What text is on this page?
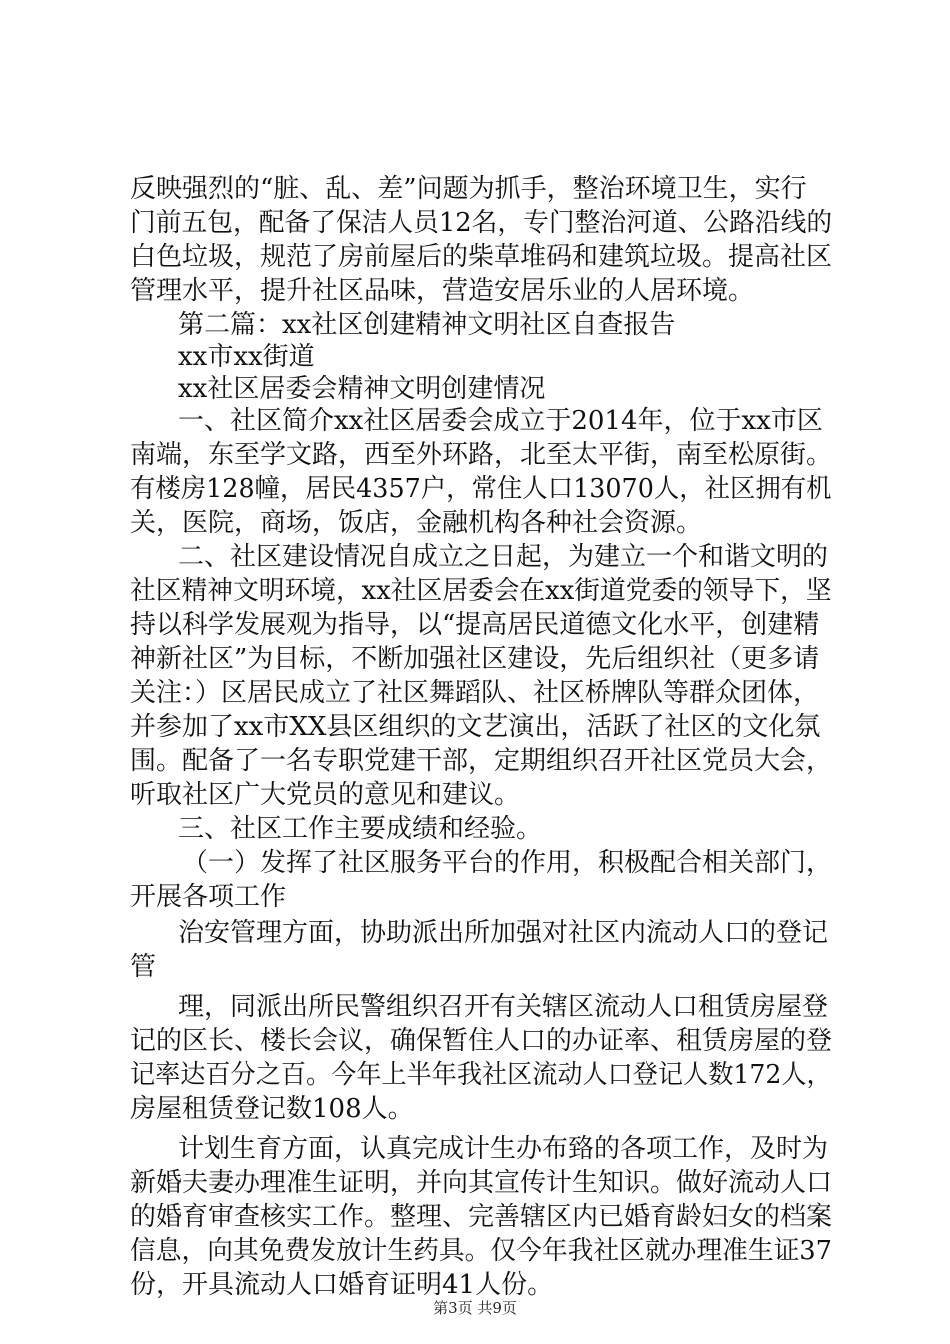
反映强烈的“脏、乱、差”问题为抓手，整治环境卫生，实行
门前五包，配备了保洁人员12名，专门整治河道、公路沿线的
白色垃圾，规范了房前屋后的柴草堆码和建筑垃圾。提高社区
管理水平，提升社区品味，营造安居乐业的人居环境。
第二篇：xx社区创建精神文明社区自查报告
xx市xx街道
xx社区居委会精神文明创建情况
一、社区简介xx社区居委会成立于2014年，位于xx市区
南端，东至学文路，西至外环路，北至太平街，南至松原街。
有楼房128幢，居民4357户，常住人口13070人，社区拥有机
关，医院，商场，饭店，金融机构各种社会资源。
二、社区建设情况自成立之日起，为建立一个和谐文明的
社区精神文明环境，xx社区居委会在xx街道党委的领导下，坚
持以科学发展观为指导，以“提高居民道德文化水平，创建精
神新社区”为目标，不断加强社区建设，先后组织社（更多请
关注：）区居民成立了社区舞蹈队、社区桥牌队等群众团体，
并参加了xx市XX县区组织的文艺演出，活跃了社区的文化氛
围。配备了一名专职党建干部，定期组织召开社区党员大会，
听取社区广大党员的意见和建议。
三、社区工作主要成绩和经验。
（一）发挥了社区服务平台的作用，积极配合相关部门，
开展各项工作
治安管理方面，协助派出所加强对社区内流动人口的登记
管
理，同派出所民警组织召开有关辖区流动人口租赁房屋登
记的区长、楼长会议，确保暂住人口的办证率、租赁房屋的登
记率达百分之百。今年上半年我社区流动人口登记人数172人，
房屋租赁登记数108人。
计划生育方面，认真完成计生办布臵的各项工作，及时为
新婚夫妻办理准生证明，并向其宣传计生知识。做好流动人口
的婚育审查核实工作。整理、完善辖区内已婚育龄妇女的档案
信息，向其免费发放计生药具。仅今年我社区就办理准生证37
份，开具流动人口婚育证明41人份。
第3页 共9页
